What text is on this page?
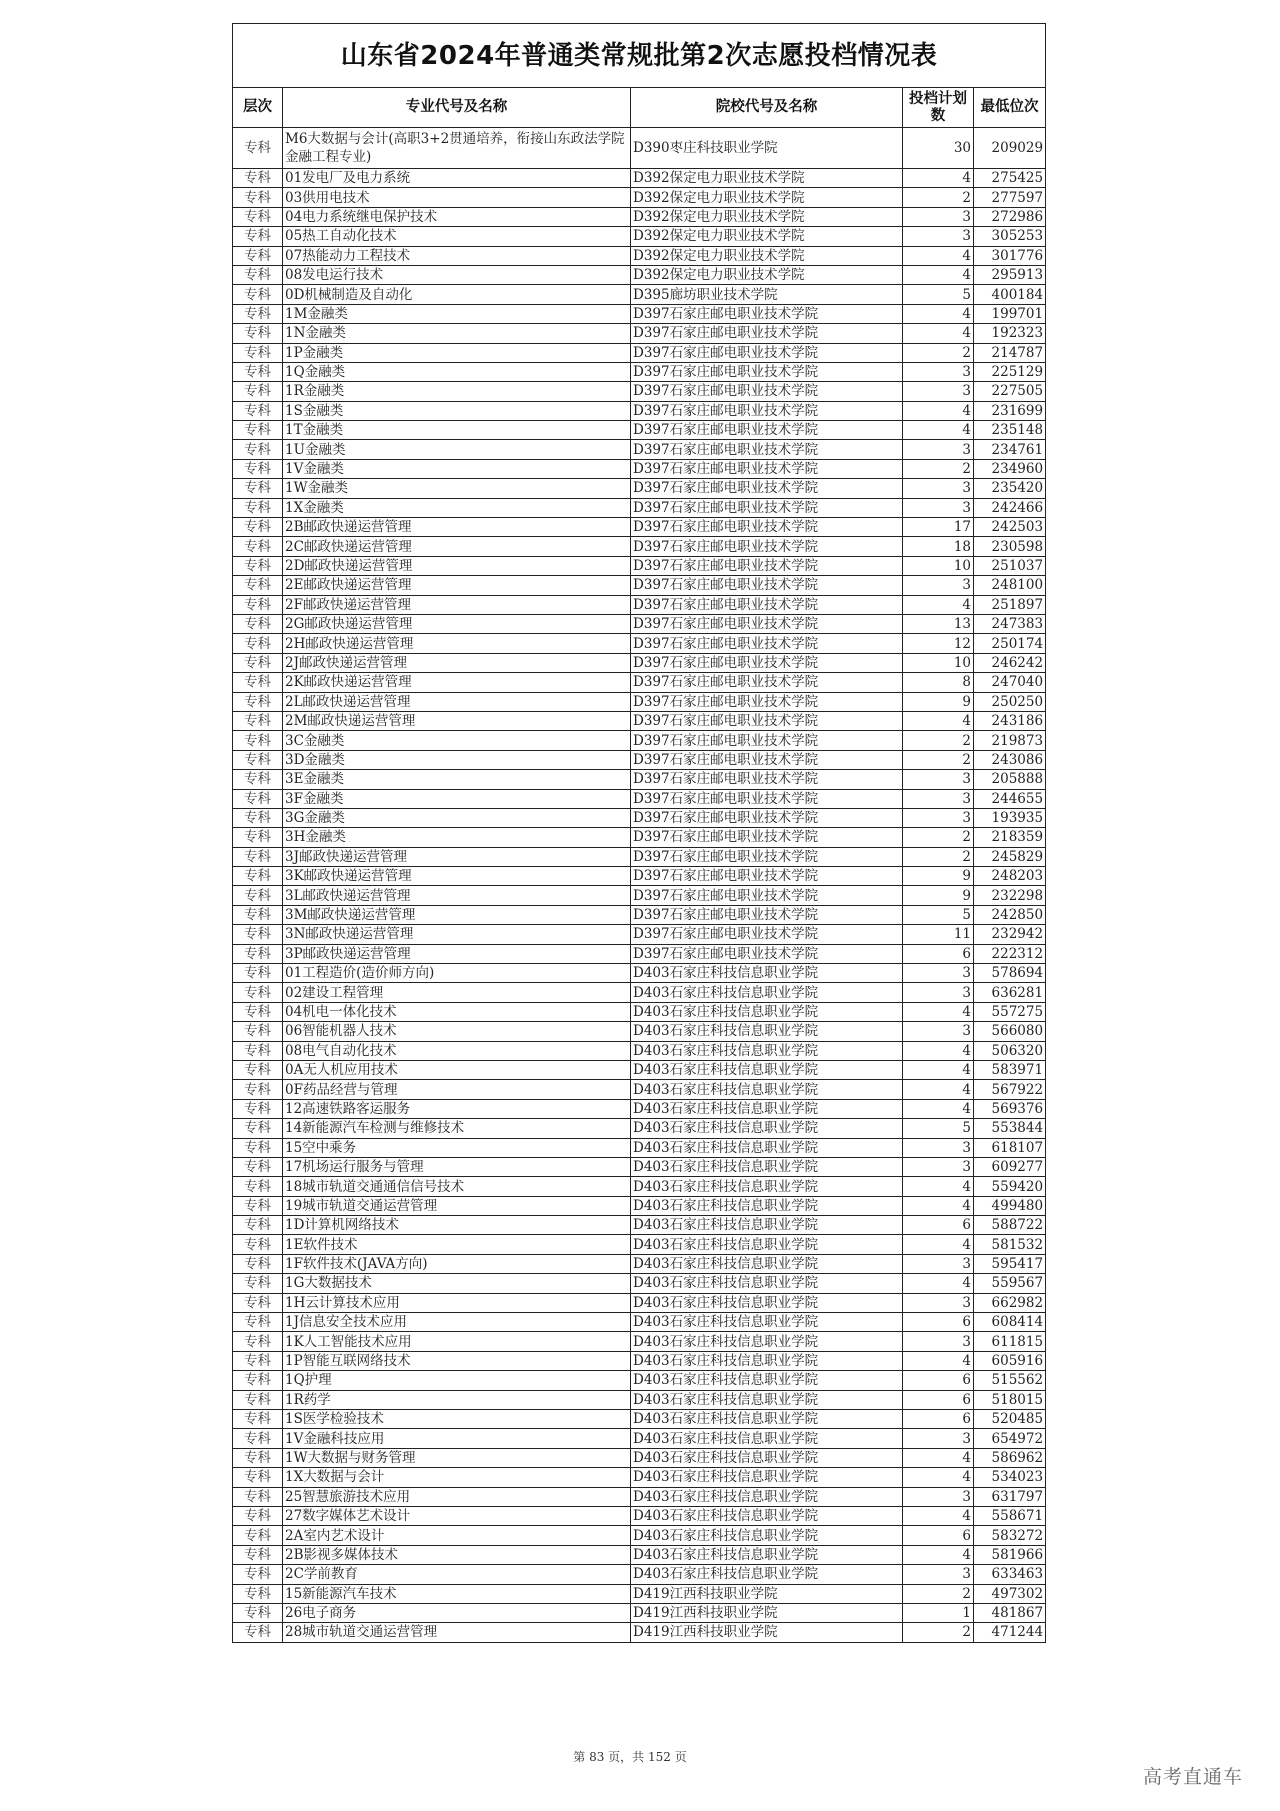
山东省2024年普通类常规批第2次志愿投档情况表				
层次	专业代号及名称	院校代号及名称	投档计划数	最低位次
专科	M6大数据与会计(高职3+2贯通培养，衔接山东政法学院金融工程专业)	D390枣庄科技职业学院	30	209029
专科	01发电厂及电力系统	D392保定电力职业技术学院	4	275425
专科	03供用电技术	D392保定电力职业技术学院	2	277597
专科	04电力系统继电保护技术	D392保定电力职业技术学院	3	272986
专科	05热工自动化技术	D392保定电力职业技术学院	3	305253
专科	07热能动力工程技术	D392保定电力职业技术学院	4	301776
专科	08发电运行技术	D392保定电力职业技术学院	4	295913
专科	0D机械制造及自动化	D395廊坊职业技术学院	5	400184
专科	1M金融类	D397石家庄邮电职业技术学院	4	199701
专科	1N金融类	D397石家庄邮电职业技术学院	4	192323
专科	1P金融类	D397石家庄邮电职业技术学院	2	214787
专科	1Q金融类	D397石家庄邮电职业技术学院	3	225129
专科	1R金融类	D397石家庄邮电职业技术学院	3	227505
专科	1S金融类	D397石家庄邮电职业技术学院	4	231699
专科	1T金融类	D397石家庄邮电职业技术学院	4	235148
专科	1U金融类	D397石家庄邮电职业技术学院	3	234761
专科	1V金融类	D397石家庄邮电职业技术学院	2	234960
专科	1W金融类	D397石家庄邮电职业技术学院	3	235420
专科	1X金融类	D397石家庄邮电职业技术学院	3	242466
专科	2B邮政快递运营管理	D397石家庄邮电职业技术学院	17	242503
专科	2C邮政快递运营管理	D397石家庄邮电职业技术学院	18	230598
专科	2D邮政快递运营管理	D397石家庄邮电职业技术学院	10	251037
专科	2E邮政快递运营管理	D397石家庄邮电职业技术学院	3	248100
专科	2F邮政快递运营管理	D397石家庄邮电职业技术学院	4	251897
专科	2G邮政快递运营管理	D397石家庄邮电职业技术学院	13	247383
专科	2H邮政快递运营管理	D397石家庄邮电职业技术学院	12	250174
专科	2J邮政快递运营管理	D397石家庄邮电职业技术学院	10	246242
专科	2K邮政快递运营管理	D397石家庄邮电职业技术学院	8	247040
专科	2L邮政快递运营管理	D397石家庄邮电职业技术学院	9	250250
专科	2M邮政快递运营管理	D397石家庄邮电职业技术学院	4	243186
专科	3C金融类	D397石家庄邮电职业技术学院	2	219873
专科	3D金融类	D397石家庄邮电职业技术学院	2	243086
专科	3E金融类	D397石家庄邮电职业技术学院	3	205888
专科	3F金融类	D397石家庄邮电职业技术学院	3	244655
专科	3G金融类	D397石家庄邮电职业技术学院	3	193935
专科	3H金融类	D397石家庄邮电职业技术学院	2	218359
专科	3J邮政快递运营管理	D397石家庄邮电职业技术学院	2	245829
专科	3K邮政快递运营管理	D397石家庄邮电职业技术学院	9	248203
专科	3L邮政快递运营管理	D397石家庄邮电职业技术学院	9	232298
专科	3M邮政快递运营管理	D397石家庄邮电职业技术学院	5	242850
专科	3N邮政快递运营管理	D397石家庄邮电职业技术学院	11	232942
专科	3P邮政快递运营管理	D397石家庄邮电职业技术学院	6	222312
专科	01工程造价(造价师方向)	D403石家庄科技信息职业学院	3	578694
专科	02建设工程管理	D403石家庄科技信息职业学院	3	636281
专科	04机电一体化技术	D403石家庄科技信息职业学院	4	557275
专科	06智能机器人技术	D403石家庄科技信息职业学院	3	566080
专科	08电气自动化技术	D403石家庄科技信息职业学院	4	506320
专科	0A无人机应用技术	D403石家庄科技信息职业学院	4	583971
专科	0F药品经营与管理	D403石家庄科技信息职业学院	4	567922
专科	12高速铁路客运服务	D403石家庄科技信息职业学院	4	569376
专科	14新能源汽车检测与维修技术	D403石家庄科技信息职业学院	5	553844
专科	15空中乘务	D403石家庄科技信息职业学院	3	618107
专科	17机场运行服务与管理	D403石家庄科技信息职业学院	3	609277
专科	18城市轨道交通通信信号技术	D403石家庄科技信息职业学院	4	559420
专科	19城市轨道交通运营管理	D403石家庄科技信息职业学院	4	499480
专科	1D计算机网络技术	D403石家庄科技信息职业学院	6	588722
专科	1E软件技术	D403石家庄科技信息职业学院	4	581532
专科	1F软件技术(JAVA方向)	D403石家庄科技信息职业学院	3	595417
专科	1G大数据技术	D403石家庄科技信息职业学院	4	559567
专科	1H云计算技术应用	D403石家庄科技信息职业学院	3	662982
专科	1J信息安全技术应用	D403石家庄科技信息职业学院	6	608414
专科	1K人工智能技术应用	D403石家庄科技信息职业学院	3	611815
专科	1P智能互联网络技术	D403石家庄科技信息职业学院	4	605916
专科	1Q护理	D403石家庄科技信息职业学院	6	515562
专科	1R药学	D403石家庄科技信息职业学院	6	518015
专科	1S医学检验技术	D403石家庄科技信息职业学院	6	520485
专科	1V金融科技应用	D403石家庄科技信息职业学院	3	654972
专科	1W大数据与财务管理	D403石家庄科技信息职业学院	4	586962
专科	1X大数据与会计	D403石家庄科技信息职业学院	4	534023
专科	25智慧旅游技术应用	D403石家庄科技信息职业学院	3	631797
专科	27数字媒体艺术设计	D403石家庄科技信息职业学院	4	558671
专科	2A室内艺术设计	D403石家庄科技信息职业学院	6	583272
专科	2B影视多媒体技术	D403石家庄科技信息职业学院	4	581966
专科	2C学前教育	D403石家庄科技信息职业学院	3	633463
专科	15新能源汽车技术	D419江西科技职业学院	2	497302
专科	26电子商务	D419江西科技职业学院	1	481867
专科	28城市轨道交通运营管理	D419江西科技职业学院	2	471244
第 83 页，共 152 页
高考直通车
